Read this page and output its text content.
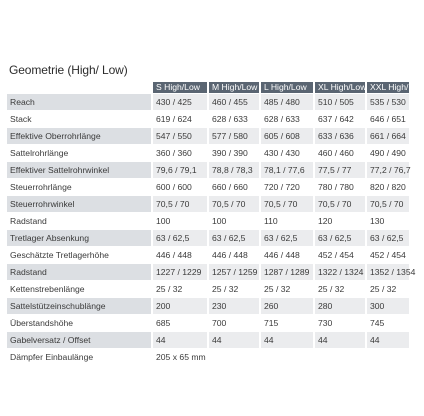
Geometrie (High/ Low)
	S High/Low	M High/Low	L High/Low	XL High/Low	XXL High/Low
Reach	430 / 425	460 / 455	485 / 480	510 / 505	535 / 530
Stack	619 / 624	628 / 633	628 / 633	637 / 642	646 / 651
Effektive Oberrohrlänge	547 / 550	577 / 580	605 / 608	633 / 636	661 / 664
Sattelrohrlänge	360 / 360	390 / 390	430 / 430	460 / 460	490 / 490
Effektiver Sattelrohrwinkel	79,6 / 79,1	78,8 / 78,3	78,1 / 77,6	77,5 / 77	77,2 / 76,7
Steuerrohrlänge	600 / 600	660 / 660	720 / 720	780 / 780	820 / 820
Steuerrohrwinkel	70,5 / 70	70,5 / 70	70,5 / 70	70,5 / 70	70,5 / 70
Radstand	100	100	110	120	130
Tretlager Absenkung	63 / 62,5	63 / 62,5	63 / 62,5	63 / 62,5	63 / 62,5
Geschätzte Tretlagerhöhe	446 / 448	446 / 448	446 / 448	452 / 454	452 / 454
Radstand	1227 / 1229	1257 / 1259	1287 / 1289	1322 / 1324	1352 / 1354
Kettenstrebenlänge	25 / 32	25 / 32	25 / 32	25 / 32	25 / 32
Sattelstützeinschublänge	200	230	260	280	300
Überstandshöhe	685	700	715	730	745
Gabelversatz / Offset	44	44	44	44	44
Dämpfer Einbaulänge	205 x 65 mm				
